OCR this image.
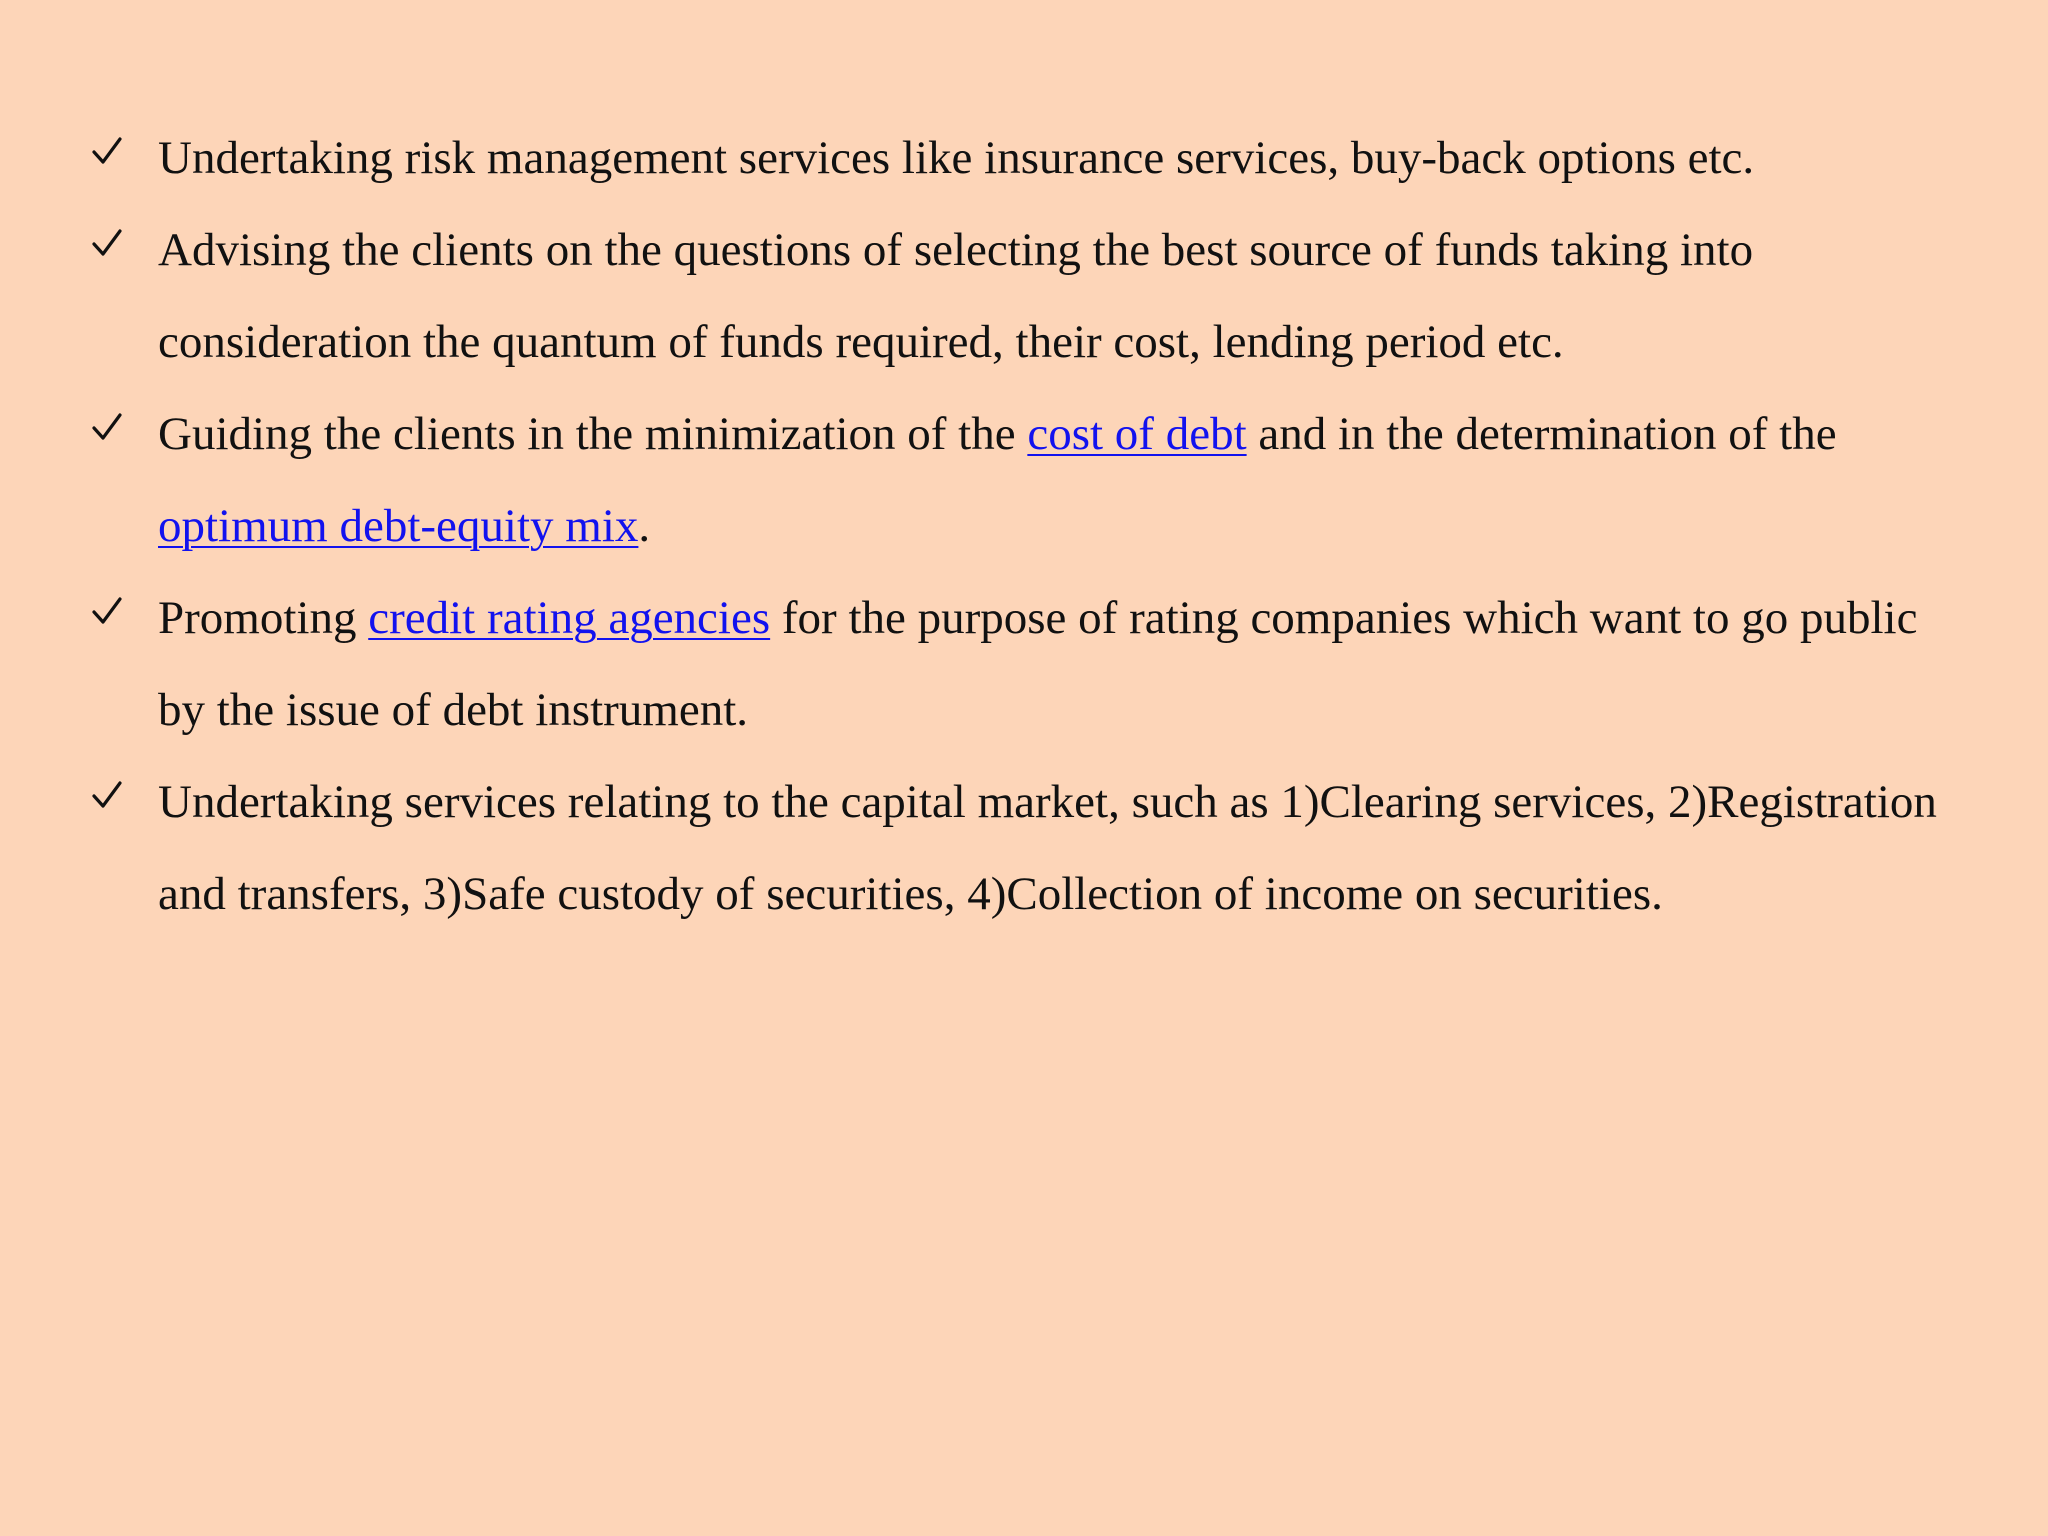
Undertaking risk management services like insurance services, buy-back options etc.
Advising the clients on the questions of selecting the best source of funds taking into consideration the quantum of funds required, their cost, lending period etc.
Guiding the clients in the minimization of the cost of debt and in the determination of the optimum debt-equity mix.
Promoting credit rating agencies for the purpose of rating companies which want to go public by the issue of debt instrument.
Undertaking services relating to the capital market, such as 1)Clearing services, 2)Registration and transfers, 3)Safe custody of securities, 4)Collection of income on securities.
